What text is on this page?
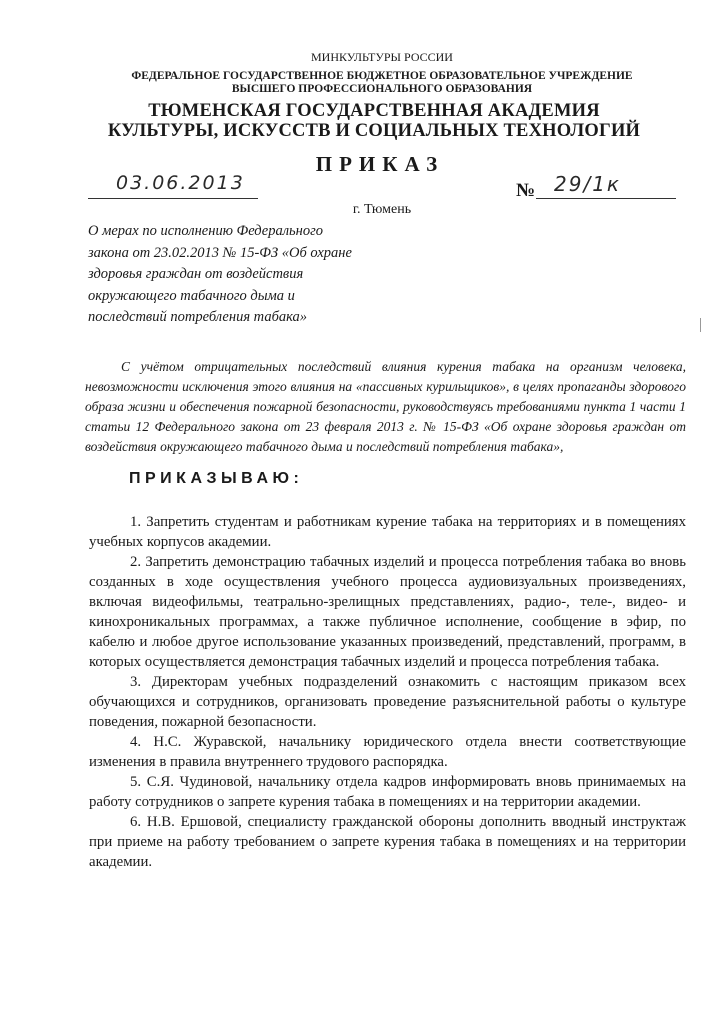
МИНКУЛЬТУРЫ РОССИИ
ФЕДЕРАЛЬНОЕ ГОСУДАРСТВЕННОЕ БЮДЖЕТНОЕ ОБРАЗОВАТЕЛЬНОЕ УЧРЕЖДЕНИЕ
ВЫСШЕГО ПРОФЕССИОНАЛЬНОГО ОБРАЗОВАНИЯ
ТЮМЕНСКАЯ ГОСУДАРСТВЕННАЯ АКАДЕМИЯ
КУЛЬТУРЫ, ИСКУССТВ И СОЦИАЛЬНЫХ ТЕХНОЛОГИЙ
ПРИКАЗ
03.06.2013	№ 29/1к
г. Тюмень
О мерах по исполнению Федерального
закона от 23.02.2013 № 15-ФЗ «Об охране
здоровья граждан от воздействия
окружающего табачного дыма и
последствий потребления табака»

С учётом отрицательных последствий влияния курения табака на организм человека, невозможности исключения этого влияния на «пассивных курильщиков», в целях пропаганды здорового образа жизни и обеспечения пожарной безопасности, руководствуясь требованиями пункта 1 части 1 статьи 12 Федерального закона от 23 февраля 2013 г. № 15-ФЗ «Об охране здоровья граждан от воздействия окружающего табачного дыма и последствий потребления табака»,

ПРИКАЗЫВАЮ:

1. Запретить студентам и работникам курение табака на территориях и в помещениях учебных корпусов академии.

2. Запретить демонстрацию табачных изделий и процесса потребления табака во вновь созданных в ходе осуществления учебного процесса аудиовизуальных произведениях, включая видеофильмы, театрально-зрелищных представлениях, радио-, теле-, видео- и кинохроникальных программах, а также публичное исполнение, сообщение в эфир, по кабелю и любое другое использование указанных произведений, представлений, программ, в которых осуществляется демонстрация табачных изделий и процесса потребления табака.

3. Директорам учебных подразделений ознакомить с настоящим приказом всех обучающихся и сотрудников, организовать проведение разъяснительной работы о культуре поведения, пожарной безопасности.

4. Н.С. Журавской, начальнику юридического отдела внести соответствующие изменения в правила внутреннего трудового распорядка.

5. С.Я. Чудиновой, начальнику отдела кадров информировать вновь принимаемых на работу сотрудников о запрете курения табака в помещениях и на территории академии.

6. Н.В. Ершовой, специалисту гражданской обороны дополнить вводный инструктаж при приеме на работу требованием о запрете курения табака в помещениях и на территории академии.
